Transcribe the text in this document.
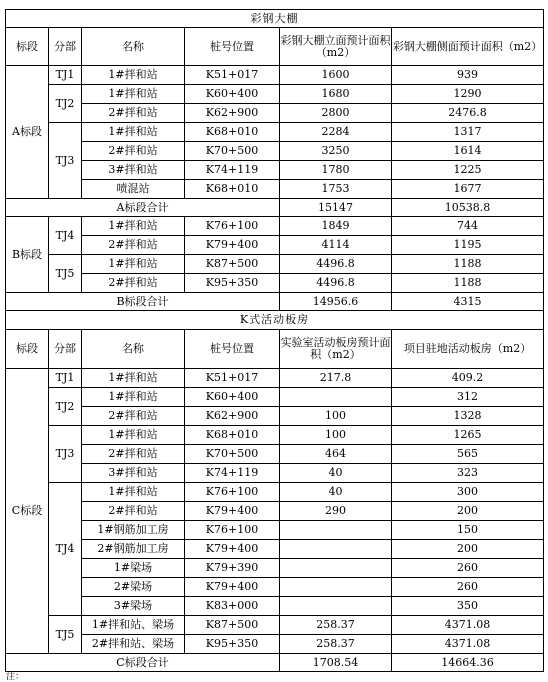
彩钢大棚					
标段	分部	名称	桩号位置	彩钢大棚立面预计面积（m2）	彩钢大棚侧面预计面积（m2）
A标段	TJ1	1#拌和站	K51+017	1600	939
	TJ2	1#拌和站	K60+400	1680	1290
		2#拌和站	K62+900	2800	2476.8
	TJ3	1#拌和站	K68+010	2284	1317
		2#拌和站	K70+500	3250	1614
		3#拌和站	K74+119	1780	1225
		喷混站	K68+010	1753	1677
A标段合计				15147	10538.8
B标段	TJ4	1#拌和站	K76+100	1849	744
		2#拌和站	K79+400	4114	1195
	TJ5	1#拌和站	K87+500	4496.8	1188
		2#拌和站	K95+350	4496.8	1188
B标段合计				14956.6	4315
K式活动板房					
标段	分部	名称	桩号位置	实验室活动板房预计面积（m2）	项目驻地活动板房（m2）
C标段	TJ1	1#拌和站	K51+017	217.8	409.2
	TJ2	1#拌和站	K60+400		312
		2#拌和站	K62+900	100	1328
	TJ3	1#拌和站	K68+010	100	1265
		2#拌和站	K70+500	464	565
		3#拌和站	K74+119	40	323
	TJ4	1#拌和站	K76+100	40	300
		2#拌和站	K79+400	290	200
		1#钢筋加工房	K76+100		150
		2#钢筋加工房	K79+400		200
		1#梁场	K79+390		260
		2#梁场	K79+400		260
		3#梁场	K83+000		350
	TJ5	1#拌和站、梁场	K87+500	258.37	4371.08
		2#拌和站、梁场	K95+350	258.37	4371.08
C标段合计				1708.54	14664.36
注：
